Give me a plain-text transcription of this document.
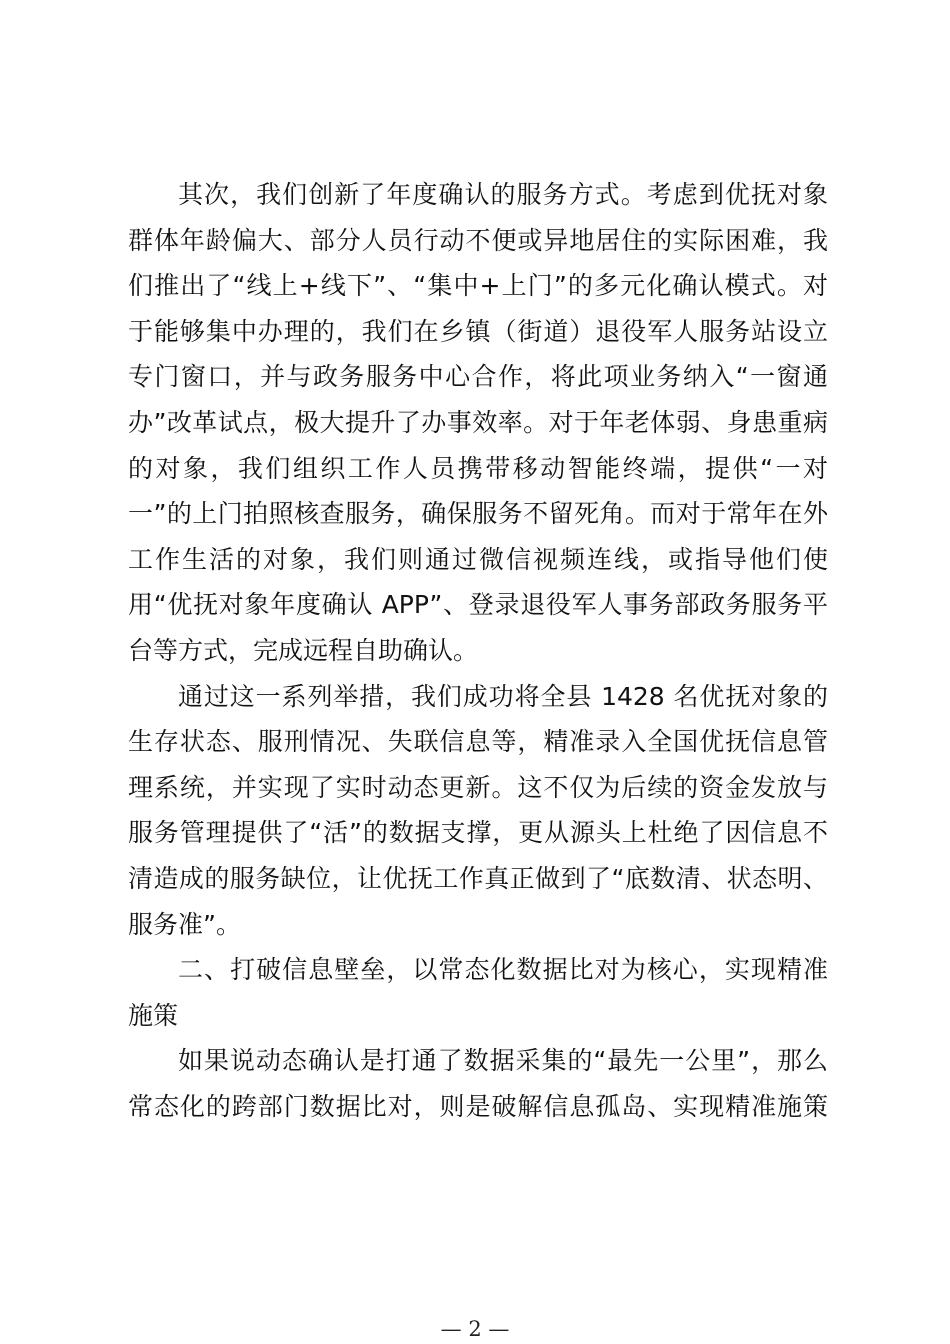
其次，我们创新了年度确认的服务方式。考虑到优抚对象
群体年龄偏大、部分人员行动不便或异地居住的实际困难，我
们推出了“线上+线下”、“集中+上门”的多元化确认模式。对
于能够集中办理的，我们在乡镇（街道）退役军人服务站设立
专门窗口，并与政务服务中心合作，将此项业务纳入“一窗通
办”改革试点，极大提升了办事效率。对于年老体弱、身患重病
的对象，我们组织工作人员携带移动智能终端，提供“一对
一”的上门拍照核查服务，确保服务不留死角。而对于常年在外
工作生活的对象，我们则通过微信视频连线，或指导他们使
用“优抚对象年度确认 APP”、登录退役军人事务部政务服务平
台等方式，完成远程自助确认。
通过这一系列举措，我们成功将全县 1428 名优抚对象的
生存状态、服刑情况、失联信息等，精准录入全国优抚信息管
理系统，并实现了实时动态更新。这不仅为后续的资金发放与
服务管理提供了“活”的数据支撑，更从源头上杜绝了因信息不
清造成的服务缺位，让优抚工作真正做到了“底数清、状态明、
服务准”。
二、打破信息壁垒，以常态化数据比对为核心，实现精准
施策
如果说动态确认是打通了数据采集的“最先一公里”，那么
常态化的跨部门数据比对，则是破解信息孤岛、实现精准施策
— 2 —
